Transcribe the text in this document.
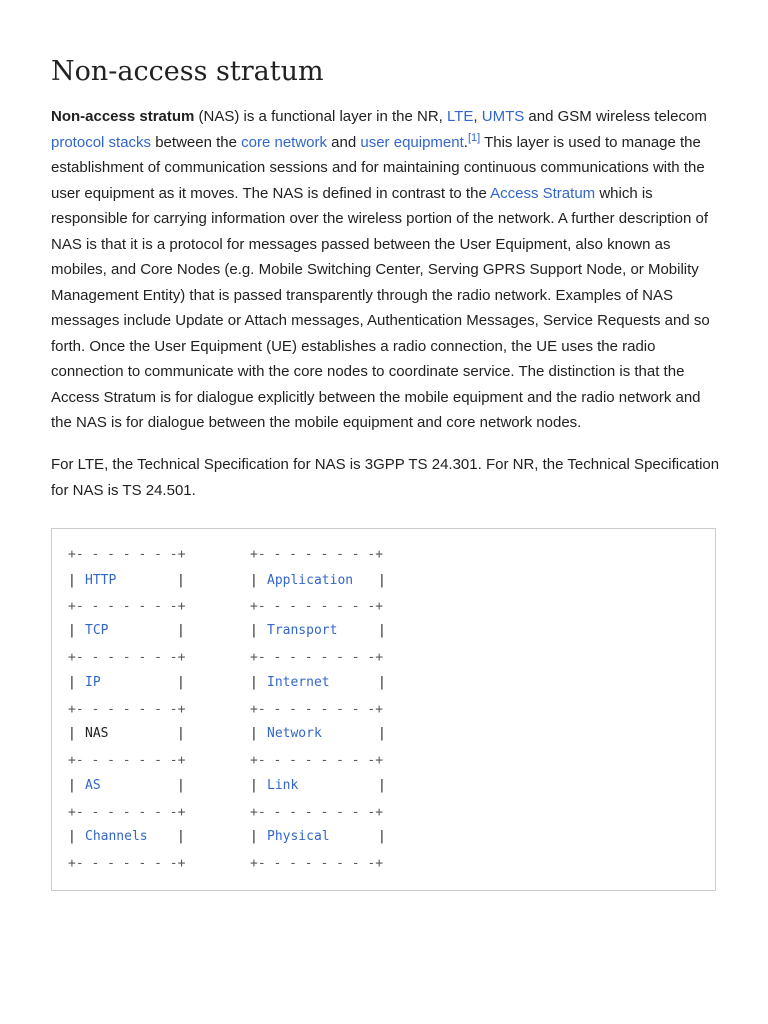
Non-access stratum

Non-access stratum (NAS) is a functional layer in the NR, LTE, UMTS and GSM wireless telecom protocol stacks between the core network and user equipment.[1] This layer is used to manage the establishment of communication sessions and for maintaining continuous communications with the user equipment as it moves. The NAS is defined in contrast to the Access Stratum which is responsible for carrying information over the wireless portion of the network. A further description of NAS is that it is a protocol for messages passed between the User Equipment, also known as mobiles, and Core Nodes (e.g. Mobile Switching Center, Serving GPRS Support Node, or Mobility Management Entity) that is passed transparently through the radio network. Examples of NAS messages include Update or Attach messages, Authentication Messages, Service Requests and so forth. Once the User Equipment (UE) establishes a radio connection, the UE uses the radio connection to communicate with the core nodes to coordinate service. The distinction is that the Access Stratum is for dialogue explicitly between the mobile equipment and the radio network and the NAS is for dialogue between the mobile equipment and core network nodes.

For LTE, the Technical Specification for NAS is 3GPP TS 24.301. For NR, the Technical Specification for NAS is TS 24.501.

+- - - - - - -+	+- - - - - - - -+
+- - - - - - -+	+- - - - - - - -+
+- - - - - - -+	+- - - - - - - -+
+- - - - - - -+	+- - - - - - - -+
+- - - - - - -+	+- - - - - - - -+
+- - - - - - -+	+- - - - - - - -+
+- - - - - - -+	+- - - - - - - -+
| HTTP	|	| Application |
| TCP	|	| Transport	|
| IP	|	| Internet	|
| NAS	|	| Network	|
| AS	|	| Link	|
| Channels |	| Physical	|
